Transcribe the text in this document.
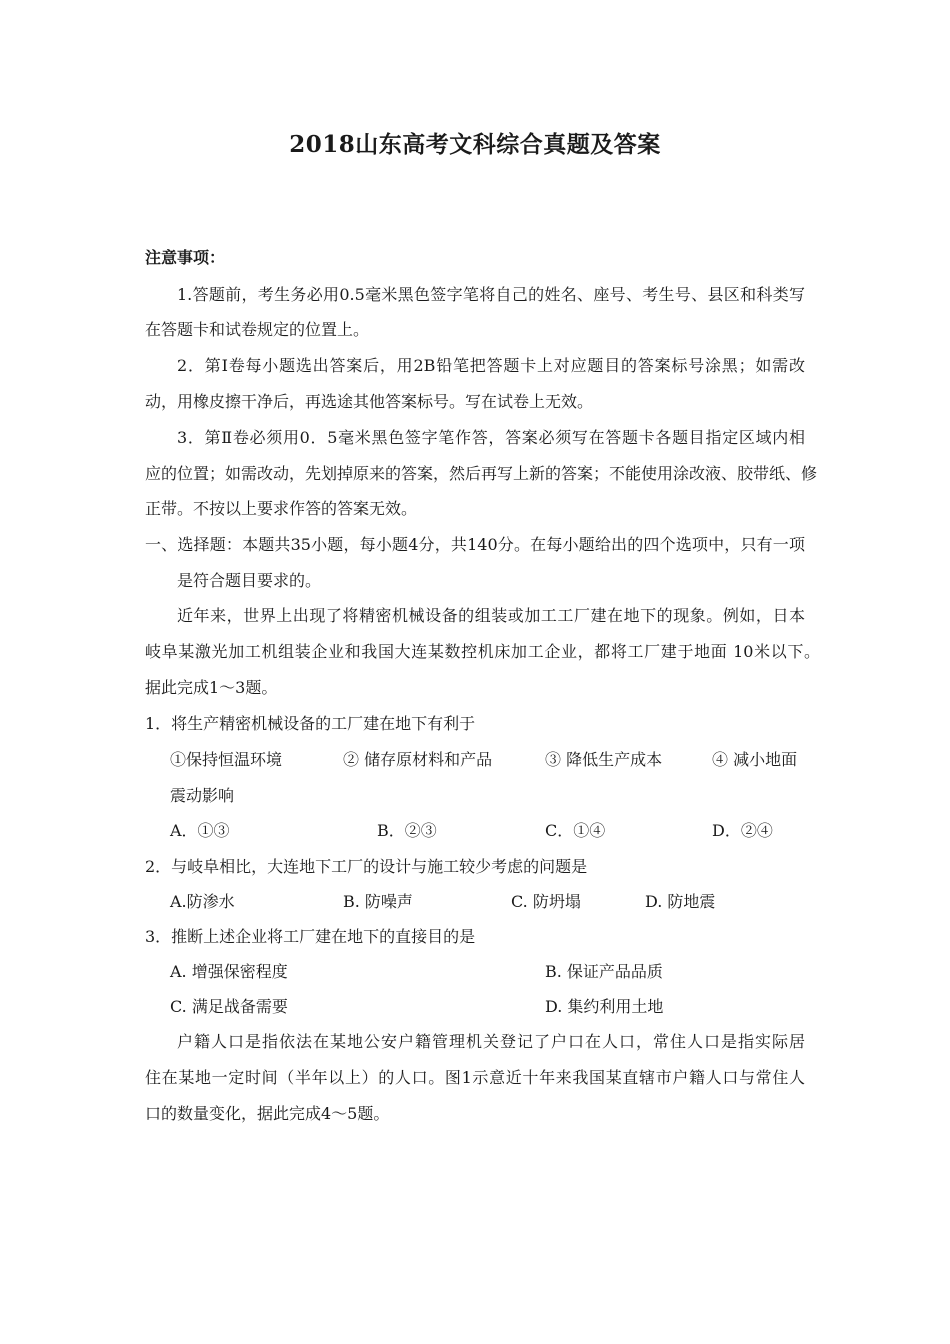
2018山东高考文科综合真题及答案
注意事项：
1.答题前，考生务必用0.5毫米黑色签字笔将自己的姓名、座号、考生号、县区和科类写
在答题卡和试卷规定的位置上。
2．第Ⅰ卷每小题选出答案后，用2B铅笔把答题卡上对应题目的答案标号涂黑；如需改
动，用橡皮擦干净后，再选途其他答案标号。写在试卷上无效。
3．第Ⅱ卷必须用0．5毫米黑色签字笔作答，答案必须写在答题卡各题目指定区域内相
应的位置；如需改动，先划掉原来的答案，然后再写上新的答案；不能使用涂改液、胶带纸、修
正带。不按以上要求作答的答案无效。
一、选择题：本题共35小题，每小题4分，共140分。在每小题给出的四个选项中，只有一项
是符合题目要求的。
近年来，世界上出现了将精密机械设备的组装或加工工厂建在地下的现象。例如，日本
岐阜某激光加工机组装企业和我国大连某数控机床加工企业，都将工厂建于地面 10米以下。
据此完成1～3题。
1．将生产精密机械设备的工厂建在地下有利于
①保持恒温环境	② 储存原材料和产品	③ 降低生产成本	④ 减小地面
震动影响
A．①③	B．②③	C．①④	D．②④
2．与岐阜相比，大连地下工厂的设计与施工较少考虑的问题是
A.防渗水	B. 防噪声	C. 防坍塌	D. 防地震
3．推断上述企业将工厂建在地下的直接目的是
A. 增强保密程度	B. 保证产品品质
C. 满足战备需要	D. 集约利用土地
户籍人口是指依法在某地公安户籍管理机关登记了户口在人口，常住人口是指实际居
住在某地一定时间（半年以上）的人口。图1示意近十年来我国某直辖市户籍人口与常住人
口的数量变化，据此完成4～5题。
